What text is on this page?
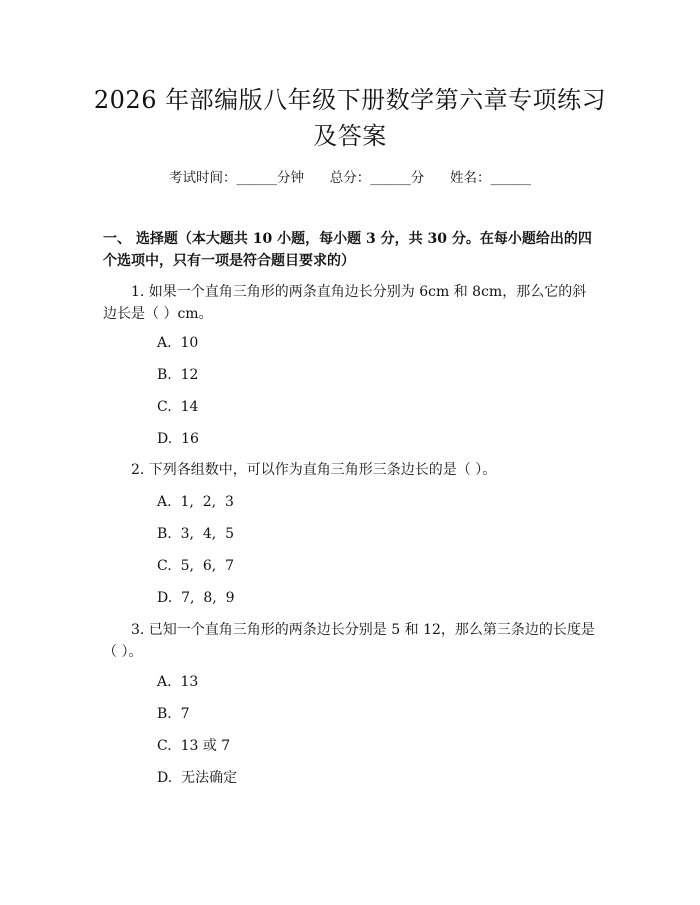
2026 年部编版八年级下册数学第六章专项练习及答案
考试时间：______分钟      总分：______分      姓名：______
一、 选择题（本大题共 10 小题，每小题 3 分，共 30 分。在每小题给出的四个选项中，只有一项是符合题目要求的）
1. 如果一个直角三角形的两条直角边长分别为 6cm 和 8cm，那么它的斜边长是（ ）cm。
A.  10
B.  12
C.  14
D.  16
2. 下列各组数中，可以作为直角三角形三条边长的是（ ）。
A.  1,  2,  3
B.  3,  4,  5
C.  5,  6,  7
D.  7,  8,  9
3. 已知一个直角三角形的两条边长分别是 5 和 12，那么第三条边的长度是（ ）。
A.  13
B.  7
C.  13 或 7
D.  无法确定
